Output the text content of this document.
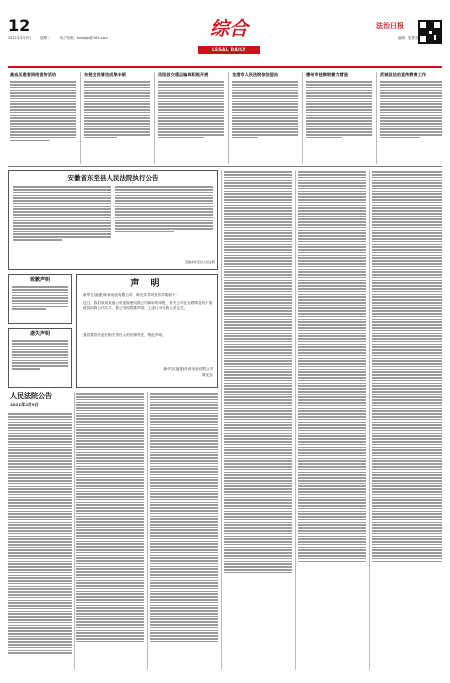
12
2021年3月9日	星期二	电子信箱：fzrbzgb@163.com	综合
LEGAL DAILY
法治日报
编辑：张慧芳
高血压患者网络宣传活动	东莞全民普法成果丰硕	岳阳县交通运输局积极开展	龙港市人民法院依法惩治	德州市检察院着力营造	武城县法治宣传教育工作
安徽省东至县人民法院执行公告
安徽省东至县人民法院
致歉声明
遗失声明
声 明
新华宝(福建)体育用品有限公司、陈光东共同发布声明如下：
近日，我们收到其他公司违规使用我公司商标的举报，有关公司在互联网及线下渠道冒用我公司名义，我公司现郑重声明，上述行为与我公司无关。
我们将依法追究相关责任人的法律责任，特此声明。
新华宝(福建)体育用品有限公司
陈光东
人民法院公告
2021年3月9日
